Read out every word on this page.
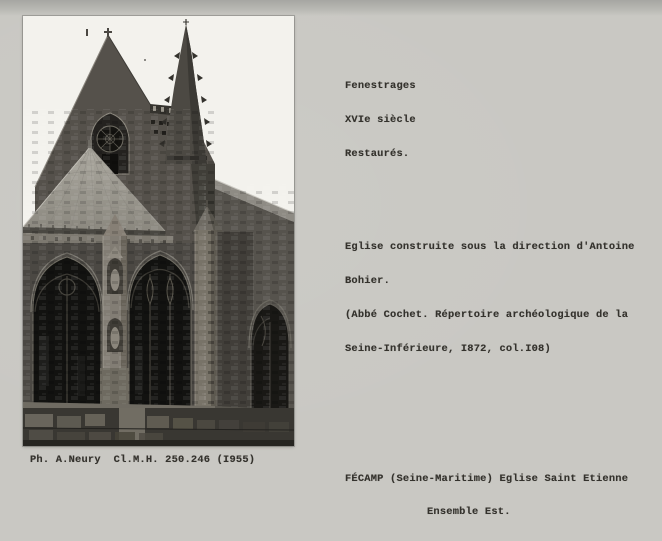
Fenestrages

XVIe siècle

Restaurés.

Eglise construite sous la direction d'Antoine

Bohier.

(Abbé Cochet. Répertoire archéologique de la

Seine-Inférieure, I872, col.I08)

Ph. A.Neury  Cl.M.H. 250.246 (I955)

FÉCAMP (Seine-Maritime) Eglise Saint Etienne

Ensemble Est.
